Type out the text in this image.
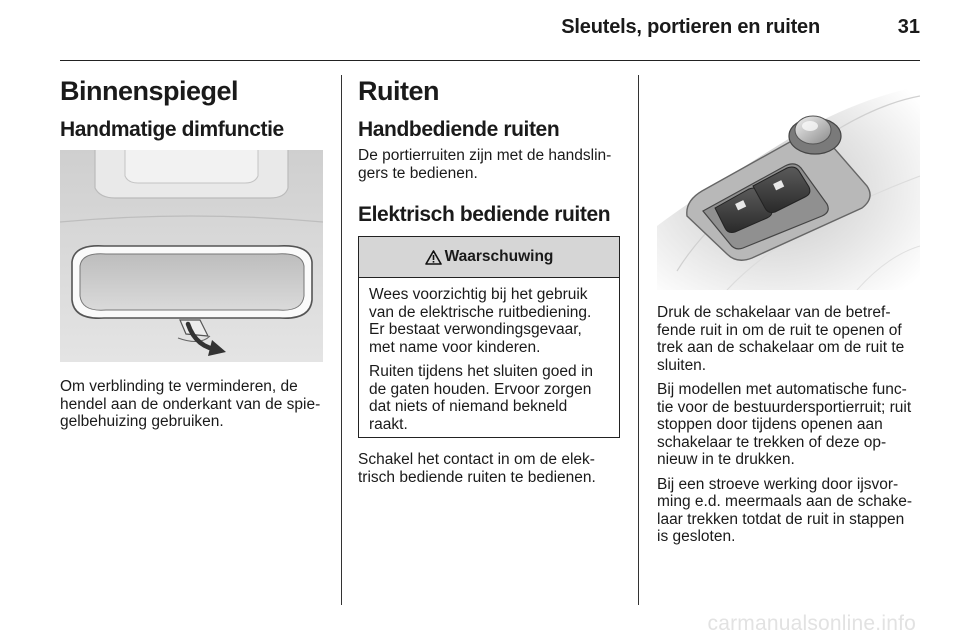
Sleutels, portieren en ruiten	31
Binnenspiegel
Handmatige dimfunctie
Om verblinding te verminderen, de
hendel aan de onderkant van de spie-
gelbehuizing gebruiken.
Ruiten
Handbediende ruiten
De portierruiten zijn met de handslin-
gers te bedienen.
Elektrisch bediende ruiten
Waarschuwing

Wees voorzichtig bij het gebruik
van de elektrische ruitbediening.
Er bestaat verwondingsgevaar,
met name voor kinderen.

Ruiten tijdens het sluiten goed in
de gaten houden. Ervoor zorgen
dat niets of niemand bekneld
raakt.

Schakel het contact in om de elek-
trisch bediende ruiten te bedienen.

Druk de schakelaar van de betref-
fende ruit in om de ruit te openen of
trek aan de schakelaar om de ruit te
sluiten.

Bij modellen met automatische func-
tie voor de bestuurdersportierruit; ruit
stoppen door tijdens openen aan
schakelaar te trekken of deze op-
nieuw in te drukken.

Bij een stroeve werking door ijsvor-
ming e.d. meermaals aan de schake-
laar trekken totdat de ruit in stappen
is gesloten.

carmanualsonline.info
